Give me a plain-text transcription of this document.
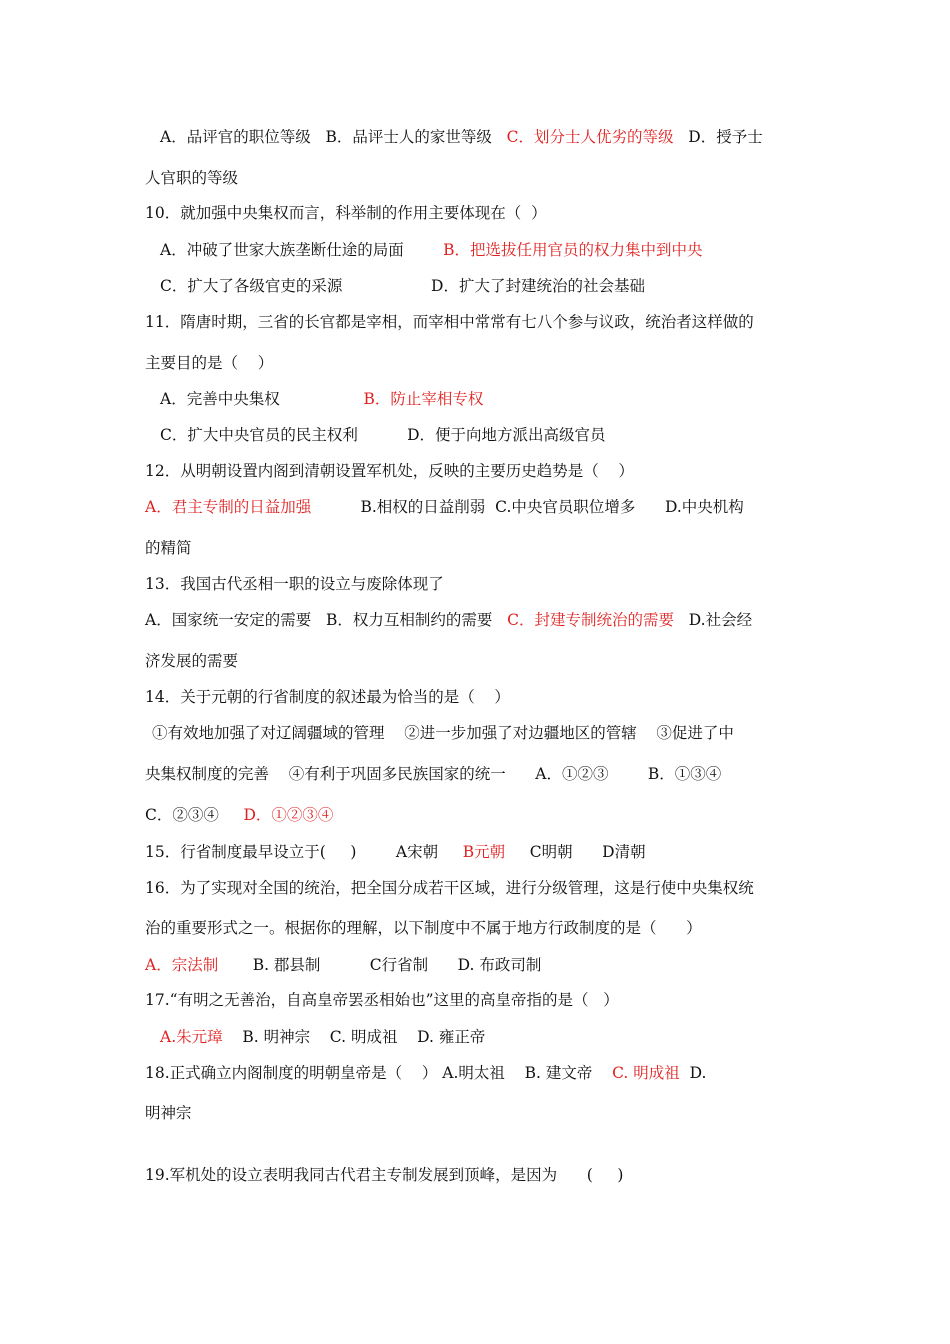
A．品评官的职位等级   B．品评士人的家世等级   C．划分士人优劣的等级   D．授予士
人官职的等级
10．就加强中央集权而言，科举制的作用主要体现在（  ）
A．冲破了世家大族垄断仕途的局面        B．把选拔任用官员的权力集中到中央
C．扩大了各级官吏的采源                  D．扩大了封建统治的社会基础
11．隋唐时期，三省的长官都是宰相，而宰相中常常有七八个参与议政，统治者这样做的
主要目的是（    ）
A．完善中央集权                 B．防止宰相专权
C．扩大中央官员的民主权利          D．便于向地方派出高级官员
12．从明朝设置内阁到清朝设置军机处，反映的主要历史趋势是（    ）
A．君主专制的日益加强          B.相权的日益削弱  C.中央官员职位增多      D.中央机构
的精简
13．我国古代丞相一职的设立与废除体现了
A．国家统一安定的需要   B．权力互相制约的需要   C．封建专制统治的需要   D.社会经
济发展的需要
14．关于元朝的行省制度的叙述最为恰当的是（    ）
①有效地加强了对辽阔疆域的管理    ②进一步加强了对边疆地区的管辖    ③促进了中
央集权制度的完善    ④有利于巩固多民族国家的统一      A．①②③        B．①③④
C．②③④     D．①②③④
15．行省制度最早设立于(     )        A宋朝     B元朝     C明朝      D清朝
16．为了实现对全国的统治，把全国分成若干区域，进行分级管理，这是行使中央集权统
治的重要形式之一。根据你的理解，以下制度中不属于地方行政制度的是（      ）
A．宗法制       B. 郡县制          C行省制      D. 布政司制
17.“有明之无善治，自高皇帝罢丞相始也”这里的高皇帝指的是（   ）
A.朱元璋    B. 明神宗    C. 明成祖    D. 雍正帝
18.正式确立内阁制度的明朝皇帝是（    ） A.明太祖    B. 建文帝    C. 明成祖  D.
明神宗
19.军机处的设立表明我同古代君主专制发展到顶峰，是因为      (     )
